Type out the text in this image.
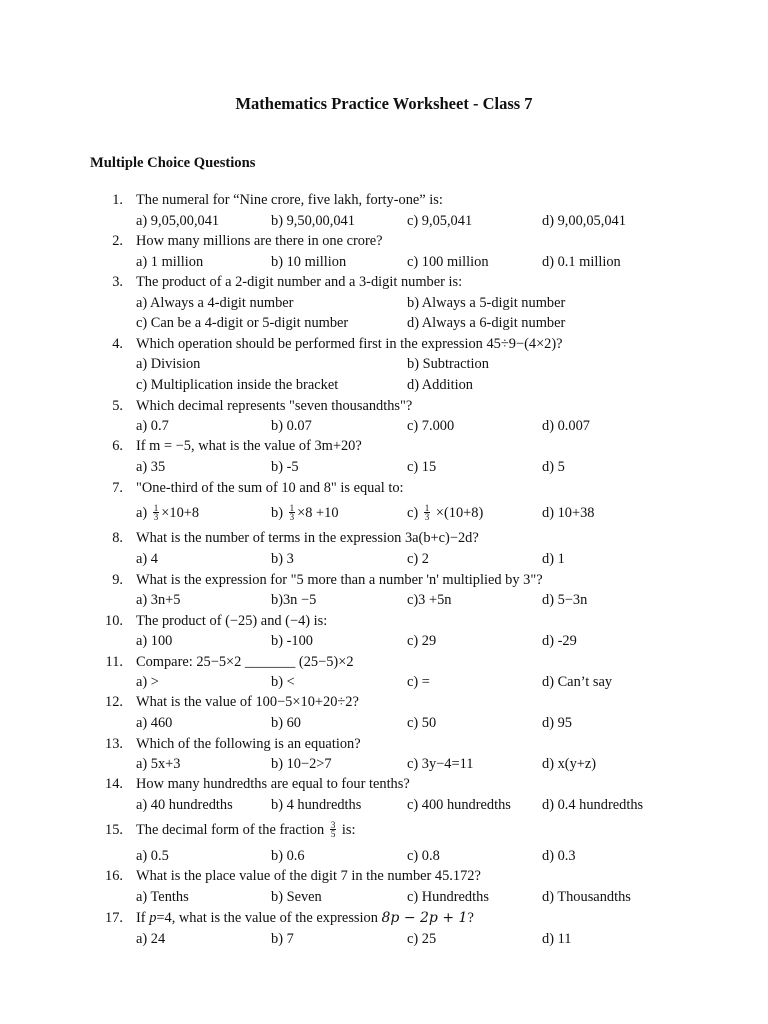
Mathematics Practice Worksheet - Class 7
Multiple Choice Questions
1. The numeral for “Nine crore, five lakh, forty-one” is:
a) 9,05,00,041	b) 9,50,00,041	c) 9,05,041	d) 9,00,05,041
2. How many millions are there in one crore?
a) 1 million	b) 10 million	c) 100 million	d) 0.1 million
3. The product of a 2-digit number and a 3-digit number is:
a) Always a 4-digit number	b) Always a 5-digit number
c) Can be a 4-digit or 5-digit number	d) Always a 6-digit number
4. Which operation should be performed first in the expression 45÷9−(4×2)?
a) Division	b) Subtraction
c) Multiplication inside the bracket	d) Addition
5. Which decimal represents "seven thousandths"?
a) 0.7	b) 0.07	c) 7.000	d) 0.007
6. If m = −5, what is the value of 3m+20?
a) 35	b) -5	c) 15	d) 5
7. "One-third of the sum of 10 and 8" is equal to:
$a) \frac{1}{3} \times 10+8$	$b) \frac{1}{3} \times 8 +10$	$c) \frac{1}{3} \times(10+8)$	d) 10+38
8. What is the number of terms in the expression 3a(b+c)−2d?
a) 4	b) 3	c) 2	d) 1
9. What is the expression for "5 more than a number 'n' multiplied by 3"?
a) 3n+5	b)3n −5	c)3 +5n	d) 5−3n
10. The product of (−25) and (−4) is:
a) 100	b) -100	c) 29	d) -29
11. Compare: 25−5×2 _______ (25−5)×2
a) >	b) <	c) =	d) Can’t say
12. What is the value of 100−5×10+20÷2?
a) 460	b) 60	c) 50	d) 95
13. Which of the following is an equation?
a) 5x+3	b) 10−2>7	c) 3y−4=11	d) x(y+z)
14. How many hundredths are equal to four tenths?
a) 40 hundredths	b) 4 hundredths	c) 400 hundredths d) 0.4 hundredths
15. The decimal form of the fraction $\frac{3}{5}$ is:
a) 0.5	b) 0.6	c) 0.8	d) 0.3
16. What is the place value of the digit 7 in the number 45.172?
a) Tenths	b) Seven	c) Hundredths	d) Thousandths
17. If p=4, what is the value of the expression 8p − 2p + 1?
a) 24	b) 7	c) 25	d) 11
